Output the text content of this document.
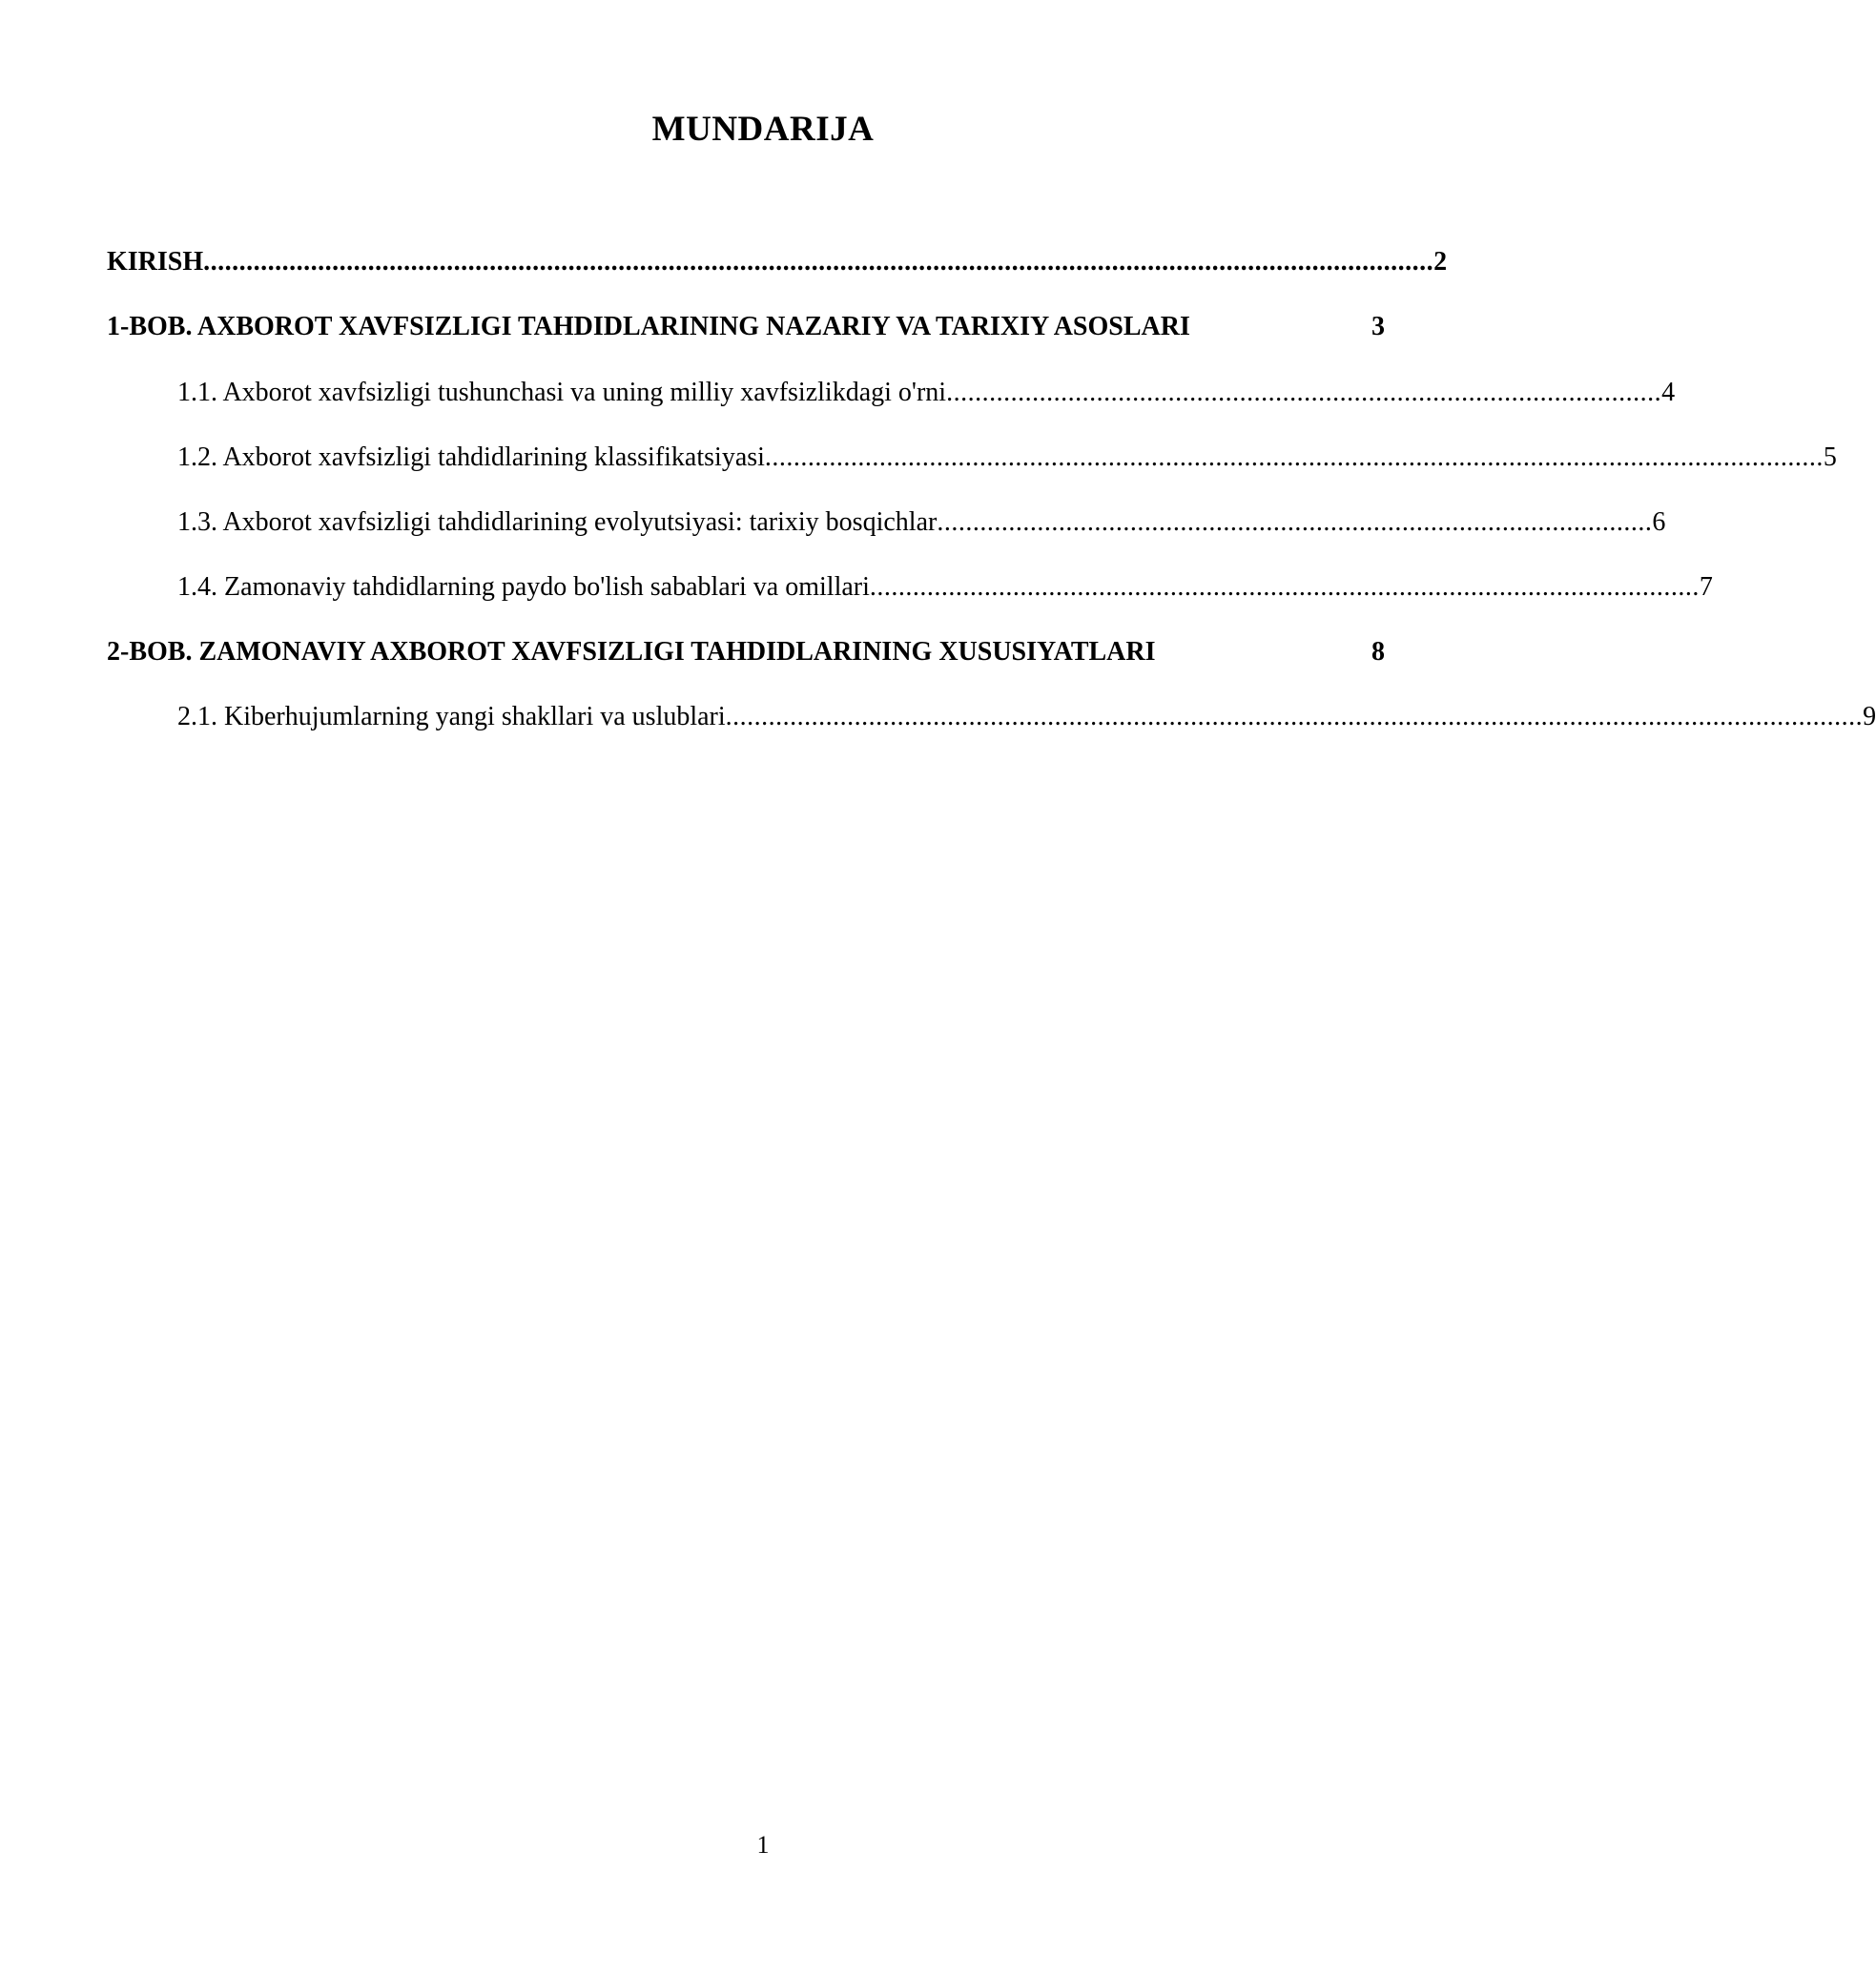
MUNDARIJA
KIRISH ............................................................................................................................................................................ 2
1-BOB. AXBOROT XAVFSIZLIGI TAHDIDLARINING NAZARIY VA TARIXIY ASOSLARI	3
1.1. Axborot xavfsizligi tushunchasi va uning milliy xavfsizlikdagi o'rni .................................................................................................... 4
1.2. Axborot xavfsizligi tahdidlarining klassifikatsiyasi .................................................................................................................................................... 5
1.3. Axborot xavfsizligi tahdidlarining evolyutsiyasi: tarixiy bosqichlar .................................................................................................... 6
1.4. Zamonaviy tahdidlarning paydo bo'lish sabablari va omillari .................................................................................................................... 7
2-BOB. ZAMONAVIY AXBOROT XAVFSIZLIGI TAHDIDLARINING XUSUSIYATLARI	8
2.1. Kiberhujumlarning yangi shakllari va uslublari ............................................................................................................................................................... 9
1
